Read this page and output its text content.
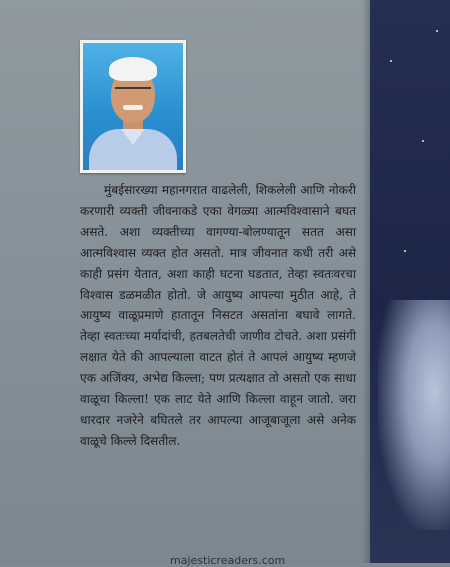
मुंबईसारख्या महानगरात वाढलेली, शिकलेली आणि नोकरी करणारी व्यक्ती जीवनाकडे एका वेगळ्या आत्मविश्वासाने बघत असते. अशा व्यक्तीच्या वागण्या-बोलण्यातून सतत असा आत्मविश्वास व्यक्त होत असतो. मात्र जीवनात कधी तरी असे काही प्रसंग येतात, अशा काही घटना घडतात, तेव्हा स्वतःवरचा विश्वास डळमळीत होतो. जे आयुष्य आपल्या मुठीत आहे, ते आयुष्य वाळूप्रमाणे हातातून निसटत असतांना बघावे लागते. तेव्हा स्वतःच्या मर्यादांची, हतबलतेची जाणीव टोचते. अशा प्रसंगी लक्षात येते की आपल्याला वाटत होतं ते आपलं आयुष्य म्हणजे एक अजिंक्य, अभेद्य किल्ला; पण प्रत्यक्षात तो असतो एक साधा वाळूचा किल्ला! एक लाट येते आणि किल्ला वाहून जातो. जरा धारदार नजरेने बघितले तर आपल्या आजूबाजूला असे अनेक वाळूचे किल्ले दिसतील.

majesticreaders.com
